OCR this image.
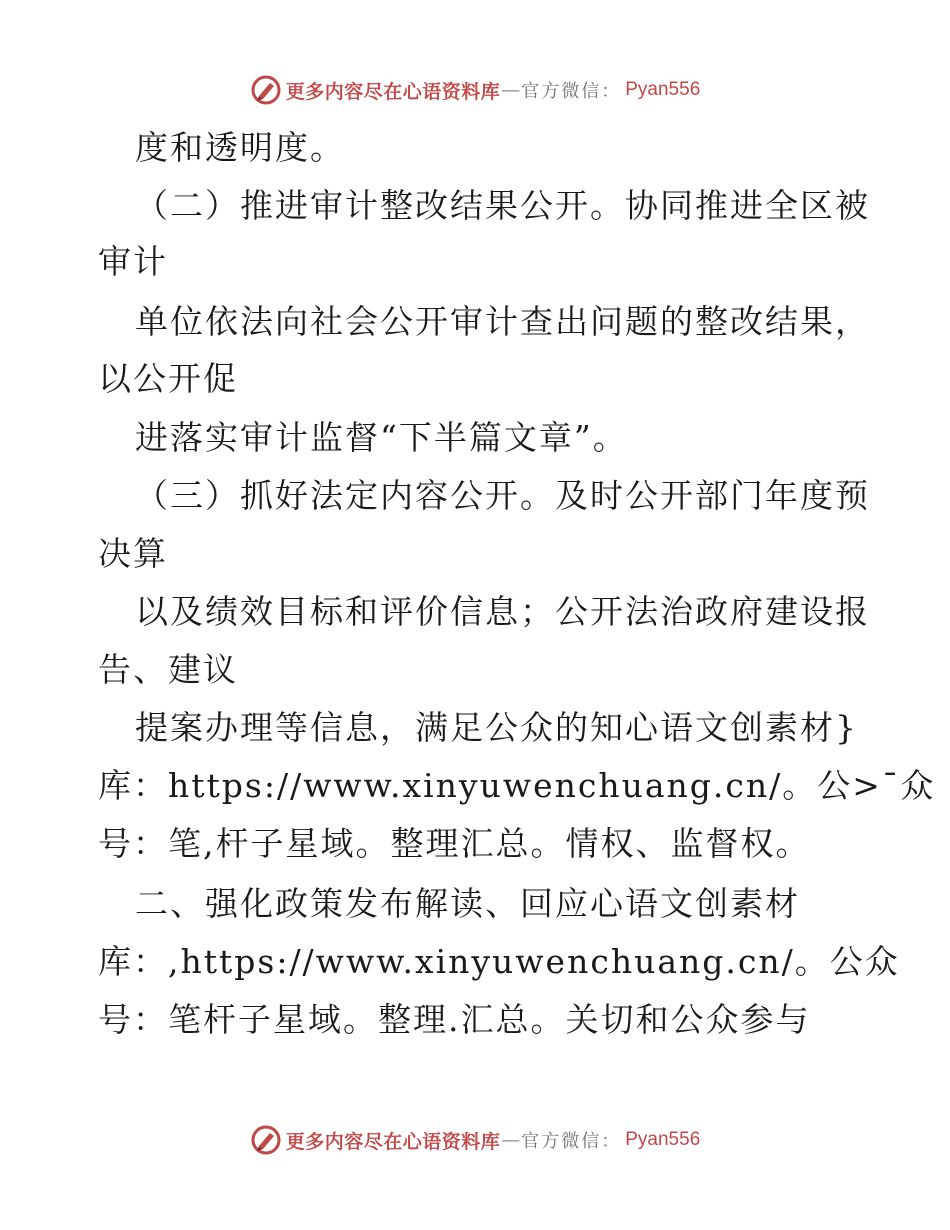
更多内容尽在心语资料库 — 官方微信： Pyan556
度和透明度。
（二）推进审计整改结果公开。协同推进全区被
审计
单位依法向社会公开审计查出问题的整改结果，
以公开促
进落实审计监督“下半篇文章”。
（三）抓好法定内容公开。及时公开部门年度预
决算
以及绩效目标和评价信息；公开法治政府建设报
告、建议
提案办理等信息，满足公众的知心语文创素材}
库：https://www.xinyuwenchuang.cn/。公>¯众
号：笔,杆子星域。整理汇总。情权、监督权。
二、强化政策发布解读、回应心语文创素材
库：,https://www.xinyuwenchuang.cn/。公众
号：笔杆子星域。整理.汇总。关切和公众参与
更多内容尽在心语资料库 — 官方微信： Pyan556
